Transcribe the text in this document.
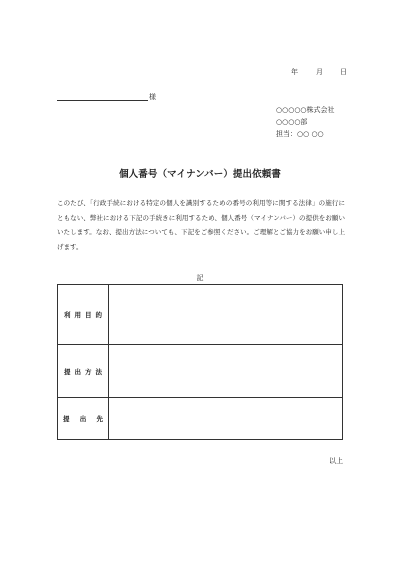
年	月 日
様
○○○○○株式会社
○○○○部
担当：○○ ○○
個人番号（マイナンバー）提出依頼書
このたび、「行政手続における特定の個人を識別するための番号の利用等に関する法律」の施行にともない、弊社における下記の手続きに利用するため、個人番号（マイナンバー）の提供をお願いいたします。なお、提出方法についても、下記をご参照ください。ご理解とご協力をお願い申し上げます。
記
利用目的	
提出方法	
提 出 先	
以上
